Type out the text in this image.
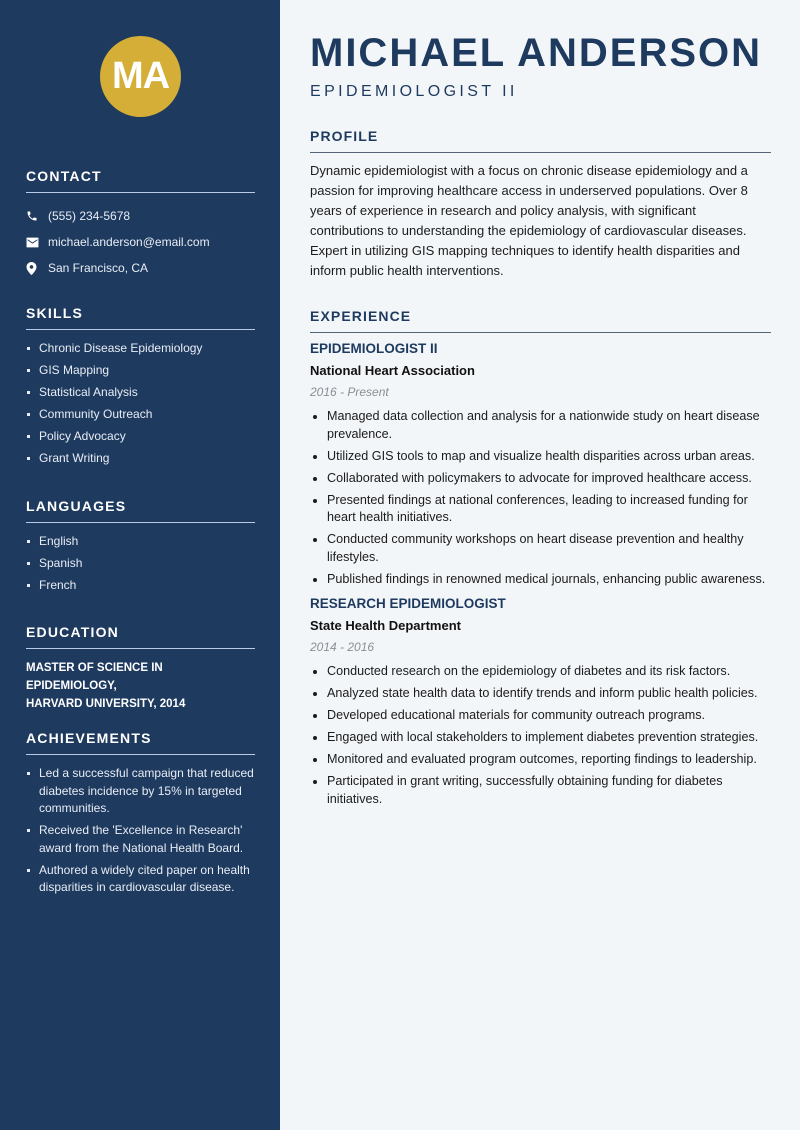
MA
CONTACT
(555) 234-5678
michael.anderson@email.com
San Francisco, CA
SKILLS
Chronic Disease Epidemiology
GIS Mapping
Statistical Analysis
Community Outreach
Policy Advocacy
Grant Writing
LANGUAGES
English
Spanish
French
EDUCATION
MASTER OF SCIENCE IN EPIDEMIOLOGY,
HARVARD UNIVERSITY, 2014
ACHIEVEMENTS
Led a successful campaign that reduced diabetes incidence by 15% in targeted communities.
Received the 'Excellence in Research' award from the National Health Board.
Authored a widely cited paper on health disparities in cardiovascular disease.
MICHAEL ANDERSON
EPIDEMIOLOGIST II
PROFILE

Dynamic epidemiologist with a focus on chronic disease epidemiology and a passion for improving healthcare access in underserved populations. Over 8 years of experience in research and policy analysis, with significant contributions to understanding the epidemiology of cardiovascular diseases. Expert in utilizing GIS mapping techniques to identify health disparities and inform public health interventions.

EXPERIENCE
EPIDEMIOLOGIST II
National Heart Association
2016 - Present
Managed data collection and analysis for a nationwide study on heart disease prevalence.
Utilized GIS tools to map and visualize health disparities across urban areas.
Collaborated with policymakers to advocate for improved healthcare access.
Presented findings at national conferences, leading to increased funding for heart health initiatives.
Conducted community workshops on heart disease prevention and healthy lifestyles.
Published findings in renowned medical journals, enhancing public awareness.
RESEARCH EPIDEMIOLOGIST
State Health Department
2014 - 2016
Conducted research on the epidemiology of diabetes and its risk factors.
Analyzed state health data to identify trends and inform public health policies.
Developed educational materials for community outreach programs.
Engaged with local stakeholders to implement diabetes prevention strategies.
Monitored and evaluated program outcomes, reporting findings to leadership.
Participated in grant writing, successfully obtaining funding for diabetes initiatives.
